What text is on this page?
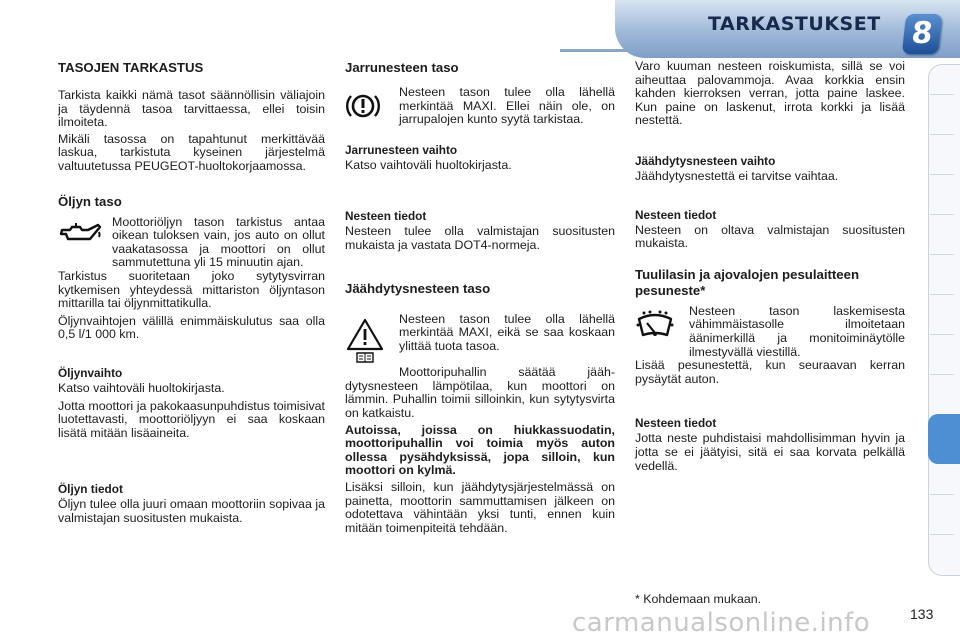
TARKASTUKSET 8
TASOJEN TARKASTUS

Tarkista kaikki nämä tasot säännöllisin väliajoin ja täydennä tasoa tarvittaessa, ellei toisin ilmoiteta.

Mikäli tasossa on tapahtunut merkittävää laskua, tarkistuta kyseinen järjestelmä valtuutetussa PEUGEOT-huoltokorjaamossa.

Öljyn taso

Moottoriöljyn tason tarkistus antaa oikean tuloksen vain, jos auto on ollut vaakatasossa ja moottori on ollut sammutettuna yli 15 minuutin ajan.

Tarkistus suoritetaan joko sytytysvirran kytkemisen yhteydessä mittariston öljyntason mittarilla tai öljynmittatikulla.

Öljynvaihtojen välillä enimmäiskulutus saa olla 0,5 l/1 000 km.

Öljynvaihto

Katso vaihtoväli huoltokirjasta.

Jotta moottori ja pakokaasunpuhdistus toimisivat luotettavasti, moottoriöljyyn ei saa koskaan lisätä mitään lisäaineita.

Öljyn tiedot

Öljyn tulee olla juuri omaan moottoriin sopivaa ja valmistajan suositusten mukaista.

Jarrunesteen taso

Nesteen tason tulee olla lähellä merkintää MAXI. Ellei näin ole, on jarrupalojen kunto syytä tarkistaa.

Jarrunesteen vaihto

Katso vaihtoväli huoltokirjasta.

Nesteen tiedot

Nesteen tulee olla valmistajan suositusten mukaista ja vastata DOT4-normeja.

Jäähdytysnesteen taso

Nesteen tason tulee olla lähellä merkintää MAXI, eikä se saa koskaan ylittää tuota tasoa.

Moottoripuhallin säätää jäähdytysnesteen lämpötilaa, kun moottori on lämmin. Puhallin toimii silloinkin, kun sytytysvirta on katkaistu.

Autoissa, joissa on hiukkassuodatin, moottoripuhallin voi toimia myös auton ollessa pysähdyksissä, jopa silloin, kun moottori on kylmä.

Lisäksi silloin, kun jäähdytysjärjestelmässä on painetta, moottorin sammuttamisen jälkeen on odotettava vähintään yksi tunti, ennen kuin mitään toimenpiteitä tehdään.

Varo kuuman nesteen roiskumista, sillä se voi aiheuttaa palovammoja. Avaa korkkia ensin kahden kierroksen verran, jotta paine laskee. Kun paine on laskenut, irrota korkki ja lisää nestettä.

Jäähdytysnesteen vaihto

Jäähdytysnestettä ei tarvitse vaihtaa.

Nesteen tiedot

Nesteen on oltava valmistajan suositusten mukaista.

Tuulilasin ja ajovalojen pesulaitteen pesuneste*

Nesteen tason laskemisesta vähimmäistasolle ilmoitetaan äänimerkillä ja monitoiminäytölle ilmestyvällä viestillä.

Lisää pesunestettä, kun seuraavan kerran pysäytät auton.

Nesteen tiedot

Jotta neste puhdistaisi mahdollisimman hyvin ja jotta se ei jäätyisi, sitä ei saa korvata pelkällä vedellä.

* Kohdemaan mukaan.
carmanualsonline.info	133
